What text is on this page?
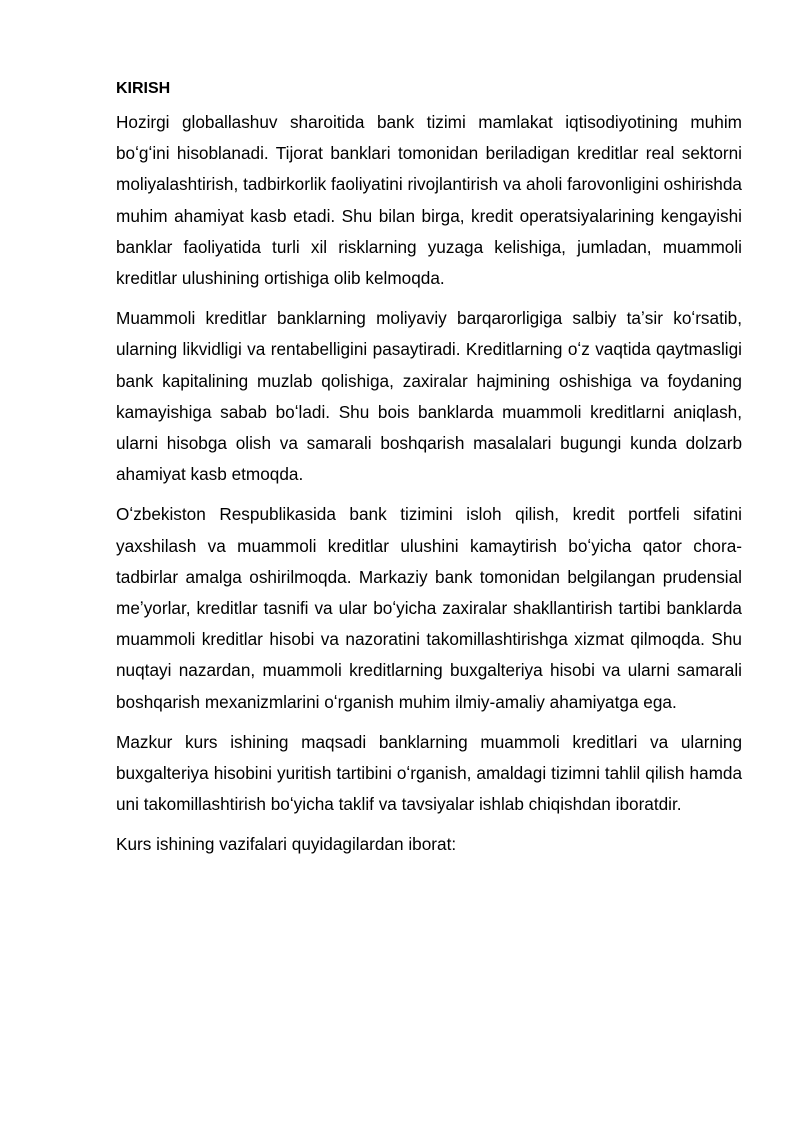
KIRISH

Hozirgi globallashuv sharoitida bank tizimi mamlakat iqtisodiyotining muhim boʻgʻini hisoblanadi. Tijorat banklari tomonidan beriladigan kreditlar real sektorni moliyalashtirish, tadbirkorlik faoliyatini rivojlantirish va aholi farovonligini oshirishda muhim ahamiyat kasb etadi. Shu bilan birga, kredit operatsiyalarining kengayishi banklar faoliyatida turli xil risklarning yuzaga kelishiga, jumladan, muammoli kreditlar ulushining ortishiga olib kelmoqda.

Muammoli kreditlar banklarning moliyaviy barqarorligiga salbiy taʼsir koʻrsatib, ularning likvidligi va rentabelligini pasaytiradi. Kreditlarning oʻz vaqtida qaytmasligi bank kapitalining muzlab qolishiga, zaxiralar hajmining oshishiga va foydaning kamayishiga sabab boʻladi. Shu bois banklarda muammoli kreditlarni aniqlash, ularni hisobga olish va samarali boshqarish masalalari bugungi kunda dolzarb ahamiyat kasb etmoqda.

Oʻzbekiston Respublikasida bank tizimini isloh qilish, kredit portfeli sifatini yaxshilash va muammoli kreditlar ulushini kamaytirish boʻyicha qator chora-tadbirlar amalga oshirilmoqda. Markaziy bank tomonidan belgilangan prudensial meʼyorlar, kreditlar tasnifi va ular boʻyicha zaxiralar shakllantirish tartibi banklarda muammoli kreditlar hisobi va nazoratini takomillashtirishga xizmat qilmoqda. Shu nuqtayi nazardan, muammoli kreditlarning buxgalteriya hisobi va ularni samarali boshqarish mexanizmlarini oʻrganish muhim ilmiy-amaliy ahamiyatga ega.

Mazkur kurs ishining maqsadi banklarning muammoli kreditlari va ularning buxgalteriya hisobini yuritish tartibini oʻrganish, amaldagi tizimni tahlil qilish hamda uni takomillashtirish boʻyicha taklif va tavsiyalar ishlab chiqishdan iboratdir.

Kurs ishining vazifalari quyidagilardan iborat:
